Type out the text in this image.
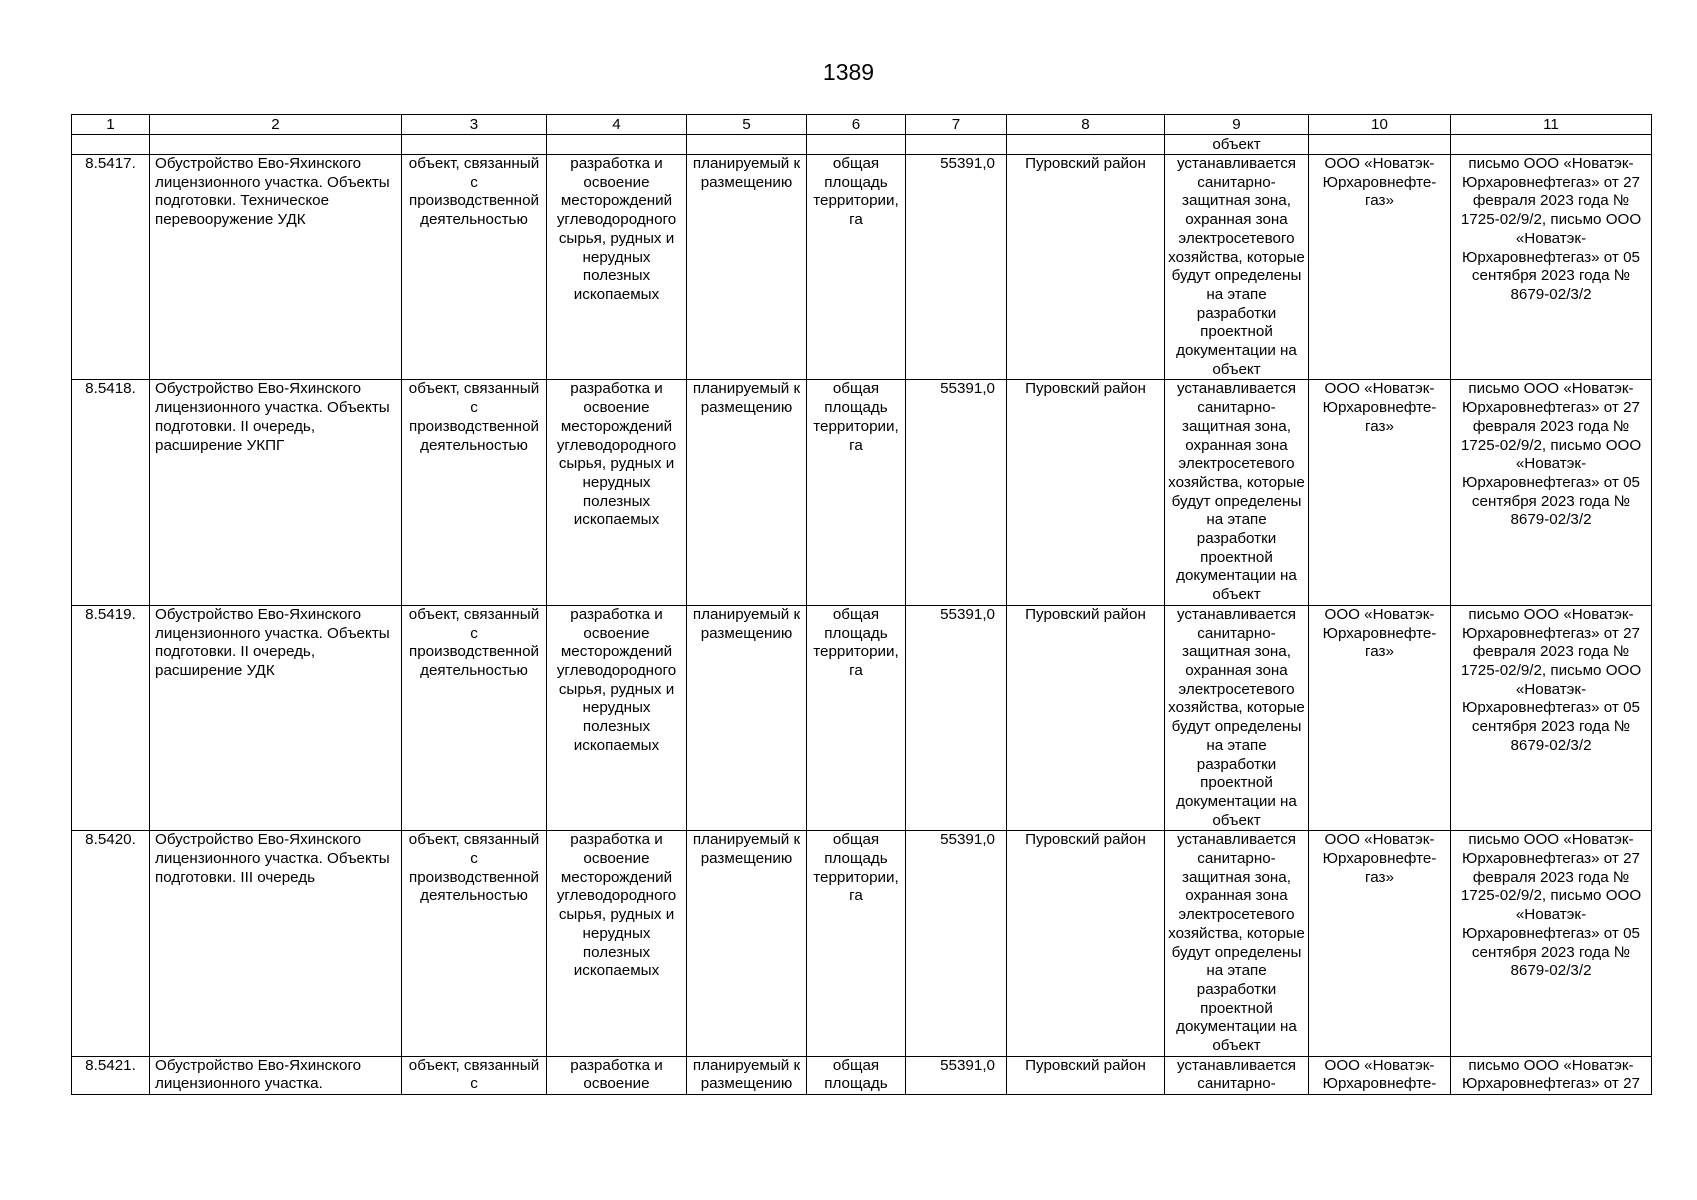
1389
1	2	3	4	5	6	7	8	9	10	11
								объект		
8.5417.	Обустройство Ево-Яхинского лицензионного участка. Объекты подготовки. Техническое перевооружение УДК	объект, связанный с производственной деятельностью	разработка и освоение месторождений углеводородного сырья, рудных и нерудных полезных ископаемых	планируемый к размещению	общая площадь территории, га	55391,0	Пуровский район	устанавливается санитарно-защитная зона, охранная зона электросетевого хозяйства, которые будут определены на этапе разработки проектной документации на объект	ООО «Новатэк-Юрхаровнефте-газ»	письмо ООО «Новатэк-Юрхаровнефтегаз» от 27 февраля 2023 года № 1725-02/9/2, письмо ООО «Новатэк-Юрхаровнефтегаз» от 05 сентября 2023 года № 8679-02/3/2
8.5418.	Обустройство Ево-Яхинского лицензионного участка. Объекты подготовки. II очередь, расширение УКПГ	объект, связанный с производственной деятельностью	разработка и освоение месторождений углеводородного сырья, рудных и нерудных полезных ископаемых	планируемый к размещению	общая площадь территории, га	55391,0	Пуровский район	устанавливается санитарно-защитная зона, охранная зона электросетевого хозяйства, которые будут определены на этапе разработки проектной документации на объект	ООО «Новатэк-Юрхаровнефте-газ»	письмо ООО «Новатэк-Юрхаровнефтегаз» от 27 февраля 2023 года № 1725-02/9/2, письмо ООО «Новатэк-Юрхаровнефтегаз» от 05 сентября 2023 года № 8679-02/3/2
8.5419.	Обустройство Ево-Яхинского лицензионного участка. Объекты подготовки. II очередь, расширение УДК	объект, связанный с производственной деятельностью	разработка и освоение месторождений углеводородного сырья, рудных и нерудных полезных ископаемых	планируемый к размещению	общая площадь территории, га	55391,0	Пуровский район	устанавливается санитарно-защитная зона, охранная зона электросетевого хозяйства, которые будут определены на этапе разработки проектной документации на объект	ООО «Новатэк-Юрхаровнефте-газ»	письмо ООО «Новатэк-Юрхаровнефтегаз» от 27 февраля 2023 года № 1725-02/9/2, письмо ООО «Новатэк-Юрхаровнефтегаз» от 05 сентября 2023 года № 8679-02/3/2
8.5420.	Обустройство Ево-Яхинского лицензионного участка. Объекты подготовки. III очередь	объект, связанный с производственной деятельностью	разработка и освоение месторождений углеводородного сырья, рудных и нерудных полезных ископаемых	планируемый к размещению	общая площадь территории, га	55391,0	Пуровский район	устанавливается санитарно-защитная зона, охранная зона электросетевого хозяйства, которые будут определены на этапе разработки проектной документации на объект	ООО «Новатэк-Юрхаровнефте-газ»	письмо ООО «Новатэк-Юрхаровнефтегаз» от 27 февраля 2023 года № 1725-02/9/2, письмо ООО «Новатэк-Юрхаровнефтегаз» от 05 сентября 2023 года № 8679-02/3/2
8.5421.	Обустройство Ево-Яхинского лицензионного участка.	объект, связанный с	разработка и освоение	планируемый к размещению	общая площадь	55391,0	Пуровский район	устанавливается санитарно-	ООО «Новатэк-Юрхаровнефте-	письмо ООО «Новатэк-Юрхаровнефтегаз» от 27
